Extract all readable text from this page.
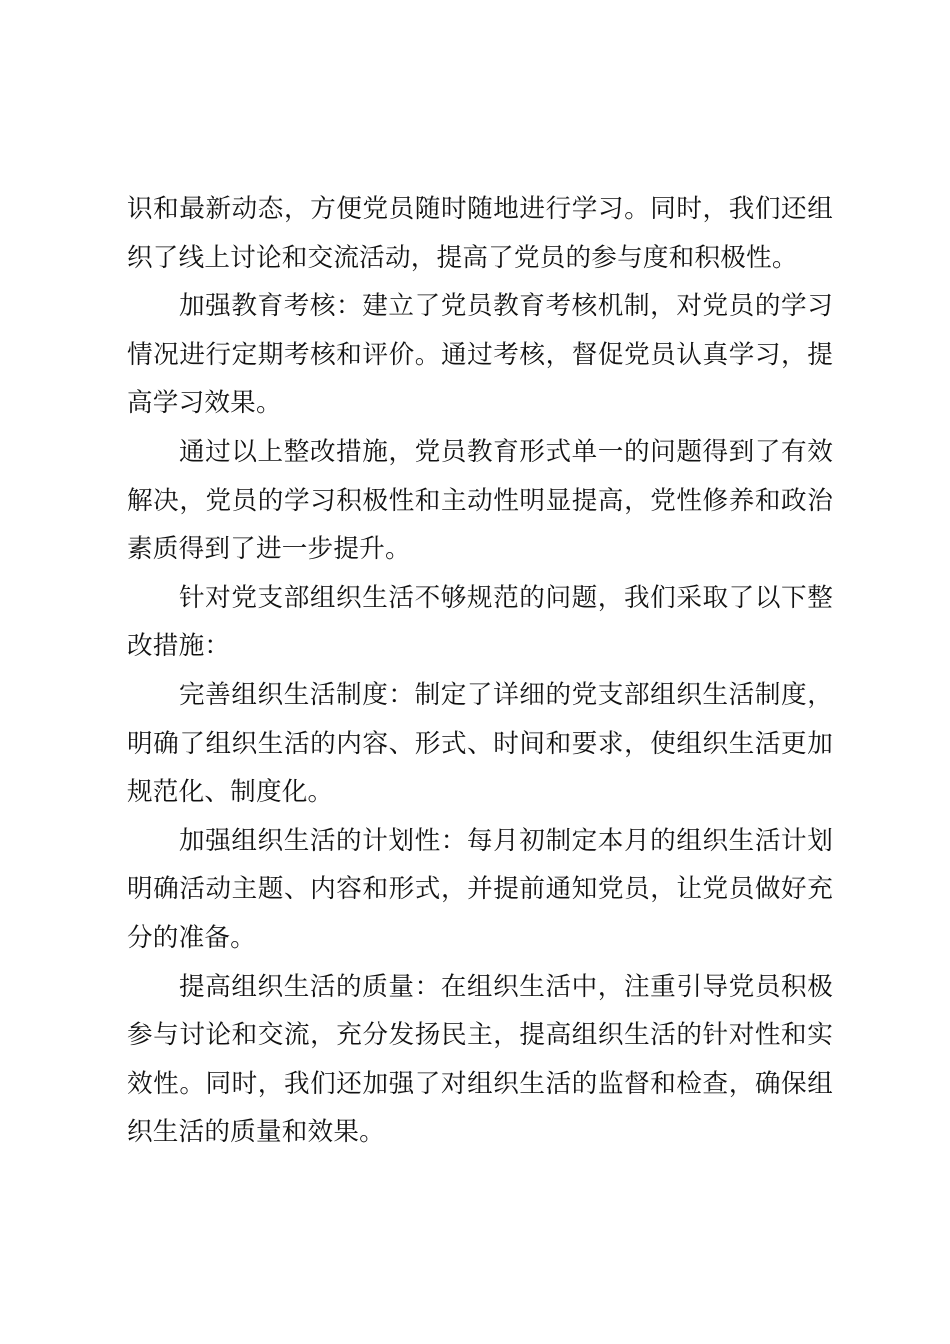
识和最新动态，方便党员随时随地进行学习。同时，我们还组
织了线上讨论和交流活动，提高了党员的参与度和积极性。
加强教育考核：建立了党员教育考核机制，对党员的学习
情况进行定期考核和评价。通过考核，督促党员认真学习，提
高学习效果。
通过以上整改措施，党员教育形式单一的问题得到了有效
解决，党员的学习积极性和主动性明显提高，党性修养和政治
素质得到了进一步提升。
针对党支部组织生活不够规范的问题，我们采取了以下整
改措施：
完善组织生活制度：制定了详细的党支部组织生活制度，
明确了组织生活的内容、形式、时间和要求，使组织生活更加
规范化、制度化。
加强组织生活的计划性：每月初制定本月的组织生活计划
明确活动主题、内容和形式，并提前通知党员，让党员做好充
分的准备。
提高组织生活的质量：在组织生活中，注重引导党员积极
参与讨论和交流，充分发扬民主，提高组织生活的针对性和实
效性。同时，我们还加强了对组织生活的监督和检查，确保组
织生活的质量和效果。
